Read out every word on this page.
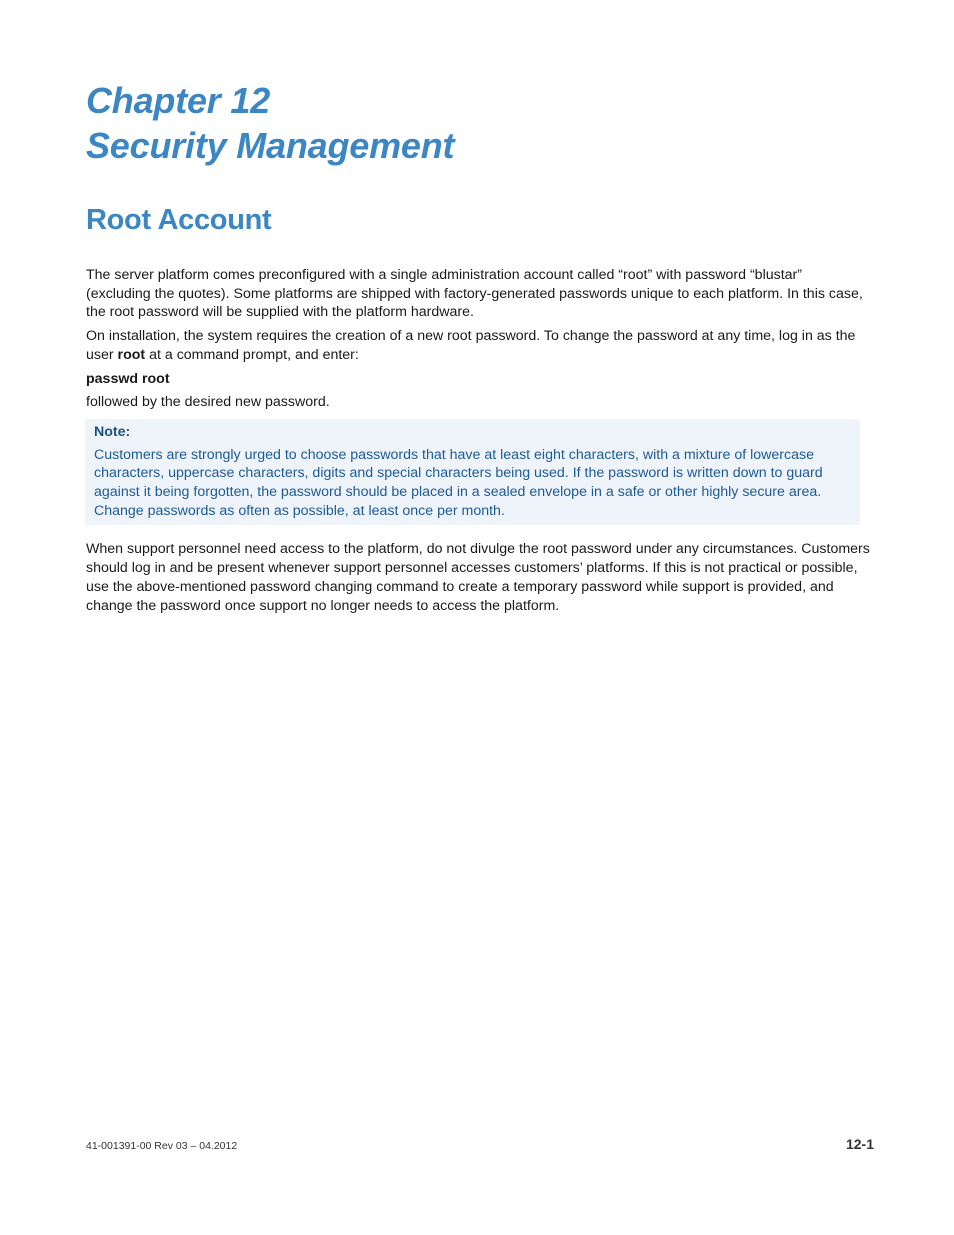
Chapter 12
Security Management
Root Account

The server platform comes preconfigured with a single administration account called “root” with password “blustar” (excluding the quotes). Some platforms are shipped with factory-generated passwords unique to each platform. In this case, the root password will be supplied with the platform hardware.

On installation, the system requires the creation of a new root password. To change the password at any time, log in as the user root at a command prompt, and enter:

passwd root

followed by the desired new password.

Note:

Customers are strongly urged to choose passwords that have at least eight characters, with a mixture of lowercase characters, uppercase characters, digits and special characters being used. If the password is written down to guard against it being forgotten, the password should be placed in a sealed envelope in a safe or other highly secure area. Change passwords as often as possible, at least once per month.

When support personnel need access to the platform, do not divulge the root password under any circumstances. Customers should log in and be present whenever support personnel accesses customers’ platforms. If this is not practical or possible, use the above-mentioned password changing command to create a temporary password while support is provided, and change the password once support no longer needs to access the platform.

41-001391-00 Rev 03 – 04.2012	12-1
